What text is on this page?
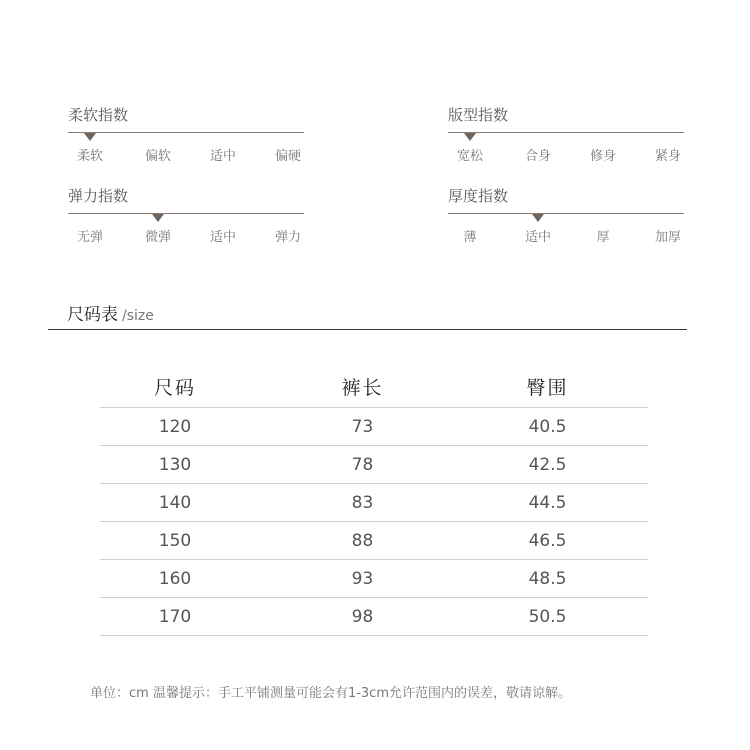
柔软指数
柔软	偏软	适中	偏硬
版型指数
宽松	合身	修身	紧身
弹力指数
无弹	微弹	适中	弹力
厚度指数
薄	适中	厚	加厚
尺码表 /size
尺码	裤长	臀围
120	73	40.5
130	78	42.5
140	83	44.5
150	88	46.5
160	93	48.5
170	98	50.5
单位：cm 温馨提示：手工平铺测量可能会有1-3cm允许范围内的误差，敬请谅解。
